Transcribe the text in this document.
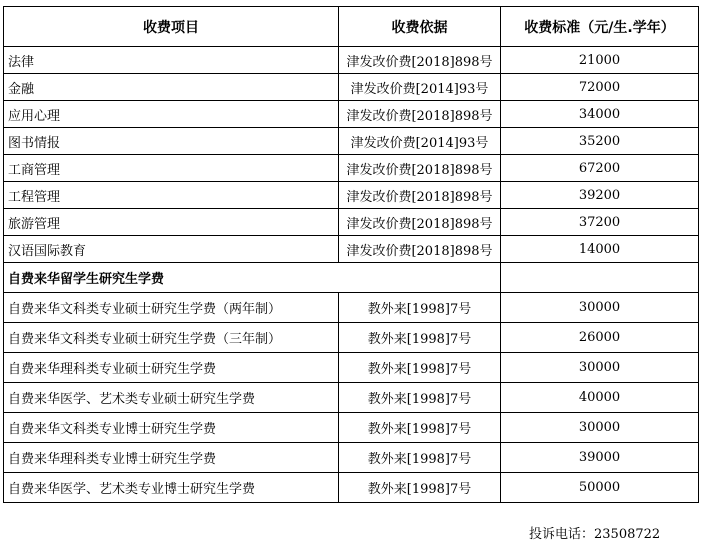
收费项目	收费依据	收费标准（元/生.学年）
法律	津发改价费[2018]898号	21000
金融	津发改价费[2014]93号	72000
应用心理	津发改价费[2018]898号	34000
图书情报	津发改价费[2014]93号	35200
工商管理	津发改价费[2018]898号	67200
工程管理	津发改价费[2018]898号	39200
旅游管理	津发改价费[2018]898号	37200
汉语国际教育	津发改价费[2018]898号	14000
自费来华留学生研究生学费		
自费来华文科类专业硕士研究生学费（两年制）	教外来[1998]7号	30000
自费来华文科类专业硕士研究生学费（三年制）	教外来[1998]7号	26000
自费来华理科类专业硕士研究生学费	教外来[1998]7号	30000
自费来华医学、艺术类专业硕士研究生学费	教外来[1998]7号	40000
自费来华文科类专业博士研究生学费	教外来[1998]7号	30000
自费来华理科类专业博士研究生学费	教外来[1998]7号	39000
自费来华医学、艺术类专业博士研究生学费	教外来[1998]7号	50000
投诉电话：23508722
